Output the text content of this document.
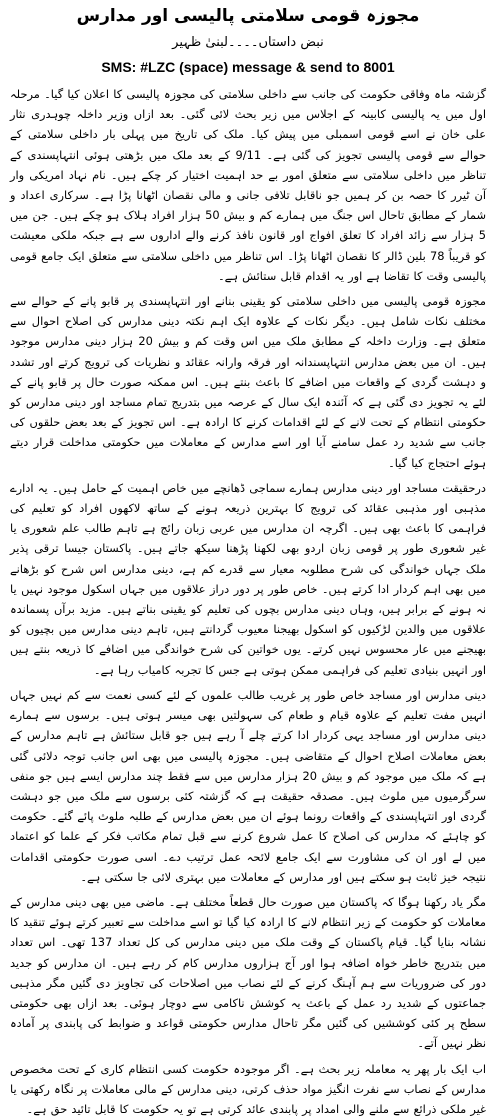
مجوزہ قومی سلامتی پالیسی اور مدارس
نبض داستاں۔۔۔۔لبنیٰ ظہیر
SMS: #LZC (space) message & send to 8001

گزشتہ ماہ وفاقی حکومت کی جانب سے داخلی سلامتی کی مجوزہ پالیسی کا اعلان کیا گیا۔ مرحلہ اول میں یہ پالیسی کابینہ کے اجلاس میں زیر بحث لائی گئی۔ بعد ازاں وزیر داخلہ چوہدری نثار علی خان نے اسے قومی اسمبلی میں پیش کیا۔ ملک کی تاریخ میں پہلی بار داخلی سلامتی کے حوالے سے قومی پالیسی تجویز کی گئی ہے۔ 9/11 کے بعد ملک میں بڑھتی ہوئی انتہاپسندی کے تناظر میں داخلی سلامتی سے متعلق امور بے حد اہمیت اختیار کر چکے ہیں۔ نام نہاد امریکی وار آن ٹیرر کا حصہ بن کر ہمیں جو ناقابل تلافی جانی و مالی نقصان اٹھانا پڑا ہے۔ سرکاری اعداد و شمار کے مطابق تاحال اس جنگ میں ہمارے کم و بیش 50 ہزار افراد ہلاک ہو چکے ہیں۔ جن میں 5 ہزار سے زائد افراد کا تعلق افواج اور قانون نافذ کرنے والے اداروں سے ہے جبکہ ملکی معیشت کو قریباً 78 بلین ڈالر کا نقصان اٹھانا پڑا۔ اس تناظر میں داخلی سلامتی سے متعلق ایک جامع قومی پالیسی وقت کا تقاضا ہے اور یہ اقدام قابل ستائش ہے۔

مجوزہ قومی پالیسی میں داخلی سلامتی کو یقینی بنانے اور انتہاپسندی پر قابو پانے کے حوالے سے مختلف نکات شامل ہیں۔ دیگر نکات کے علاوہ ایک اہم نکتہ دینی مدارس کی اصلاح احوال سے متعلق ہے۔ وزارت داخلہ کے مطابق ملک میں اس وقت کم و بیش 20 ہزار دینی مدارس موجود ہیں۔ ان میں بعض مدارس انتہاپسندانہ اور فرقہ وارانہ عقائد و نظریات کی ترویج کرتے اور تشدد و دہشت گردی کے واقعات میں اضافے کا باعث بنتے ہیں۔ اس ممکنہ صورت حال پر قابو پانے کے لئے یہ تجویز دی گئی ہے کہ آئندہ ایک سال کے عرصہ میں بتدریج تمام مساجد اور دینی مدارس کو حکومتی انتظام کے تحت لانے کے لئے اقدامات کرنے کا ارادہ ہے۔ اس تجویز کے بعد بعض حلقوں کی جانب سے شدید رد عمل سامنے آیا اور اسے مدارس کے معاملات میں حکومتی مداخلت قرار دیتے ہوئے احتجاج کیا گیا۔

درحقیقت مساجد اور دینی مدارس ہمارے سماجی ڈھانچے میں خاص اہمیت کے حامل ہیں۔ یہ ادارے مذہبی اور مذہبی عقائد کی ترویج کا بہترین ذریعہ ہونے کے ساتھ لاکھوں افراد کو تعلیم کی فراہمی کا باعث بھی ہیں۔ اگرچہ ان مدارس میں عربی زبان رائج ہے تاہم طالب علم شعوری یا غیر شعوری طور پر قومی زبان اردو بھی لکھنا پڑھنا سیکھ جاتے ہیں۔ پاکستان جیسا ترقی پذیر ملک جہاں خواندگی کی شرح مطلوبہ معیار سے قدرے کم ہے، دینی مدارس اس شرح کو بڑھانے میں بھی اہم کردار ادا کرتے ہیں۔ خاص طور پر دور دراز علاقوں میں جہاں اسکول موجود نہیں یا نہ ہونے کے برابر ہیں، وہاں دینی مدارس بچوں کی تعلیم کو یقینی بناتے ہیں۔ مزید برآں پسماندہ علاقوں میں والدین لڑکیوں کو اسکول بھیجنا معیوب گردانتے ہیں، تاہم دینی مدارس میں بچیوں کو بھیجنے میں عار محسوس نہیں کرتے۔ یوں خواتین کی شرح خواندگی میں اضافے کا ذریعہ بنتے ہیں اور انہیں بنیادی تعلیم کی فراہمی ممکن ہوتی ہے جس کا تجربہ کامیاب رہا ہے۔

دینی مدارس اور مساجد خاص طور پر غریب طالب علموں کے لئے کسی نعمت سے کم نہیں جہاں انہیں مفت تعلیم کے علاوہ قیام و طعام کی سہولتیں بھی میسر ہوتی ہیں۔ برسوں سے ہمارے دینی مدارس اور مساجد یہی کردار ادا کرتے چلے آ رہے ہیں جو قابل ستائش ہے تاہم مدارس کے بعض معاملات اصلاح احوال کے متقاضی ہیں۔ مجوزہ پالیسی میں بھی اس جانب توجہ دلائی گئی ہے کہ ملک میں موجود کم و بیش 20 ہزار مدارس میں سے فقط چند مدارس ایسے ہیں جو منفی سرگرمیوں میں ملوث ہیں۔ مصدقہ حقیقت ہے کہ گزشتہ کئی برسوں سے ملک میں جو دہشت گردی اور انتہاپسندی کے واقعات رونما ہوئے ان میں بعض مدارس کے طلبہ ملوث پائے گئے۔ حکومت کو چاہئے کہ مدارس کی اصلاح کا عمل شروع کرنے سے قبل تمام مکاتب فکر کے علما کو اعتماد میں لے اور ان کی مشاورت سے ایک جامع لائحہ عمل ترتیب دے۔ اسی صورت حکومتی اقدامات نتیجہ خیز ثابت ہو سکتے ہیں اور مدارس کے معاملات میں بہتری لائی جا سکتی ہے۔

مگر یاد رکھنا ہوگا کہ پاکستان میں صورت حال قطعاً مختلف ہے۔ ماضی میں بھی دینی مدارس کے معاملات کو حکومت کے زیر انتظام لانے کا ارادہ کیا گیا تو اسے مداخلت سے تعبیر کرتے ہوئے تنقید کا نشانہ بنایا گیا۔ قیام پاکستان کے وقت ملک میں دینی مدارس کی کل تعداد 137 تھی۔ اس تعداد میں بتدریج خاطر خواہ اضافہ ہوا اور آج ہزاروں مدارس کام کر رہے ہیں۔ ان مدارس کو جدید دور کی ضروریات سے ہم آہنگ کرنے کے لئے نصاب میں اصلاحات کی تجاویز دی گئیں مگر مذہبی جماعتوں کے شدید رد عمل کے باعث یہ کوشش ناکامی سے دوچار ہوئی۔ بعد ازاں بھی حکومتی سطح پر کئی کوششیں کی گئیں مگر تاحال مدارس حکومتی قواعد و ضوابط کی پابندی پر آمادہ نظر نہیں آتے۔

اب ایک بار پھر یہ معاملہ زیر بحث ہے۔ اگر موجودہ حکومت کسی انتظام کاری کے تحت مخصوص مدارس کے نصاب سے نفرت انگیز مواد حذف کرتی، دینی مدارس کے مالی معاملات پر نگاہ رکھتی یا غیر ملکی ذرائع سے ملنے والی امداد پر پابندی عائد کرتی ہے تو یہ حکومت کا قابل تائید حق ہے۔
